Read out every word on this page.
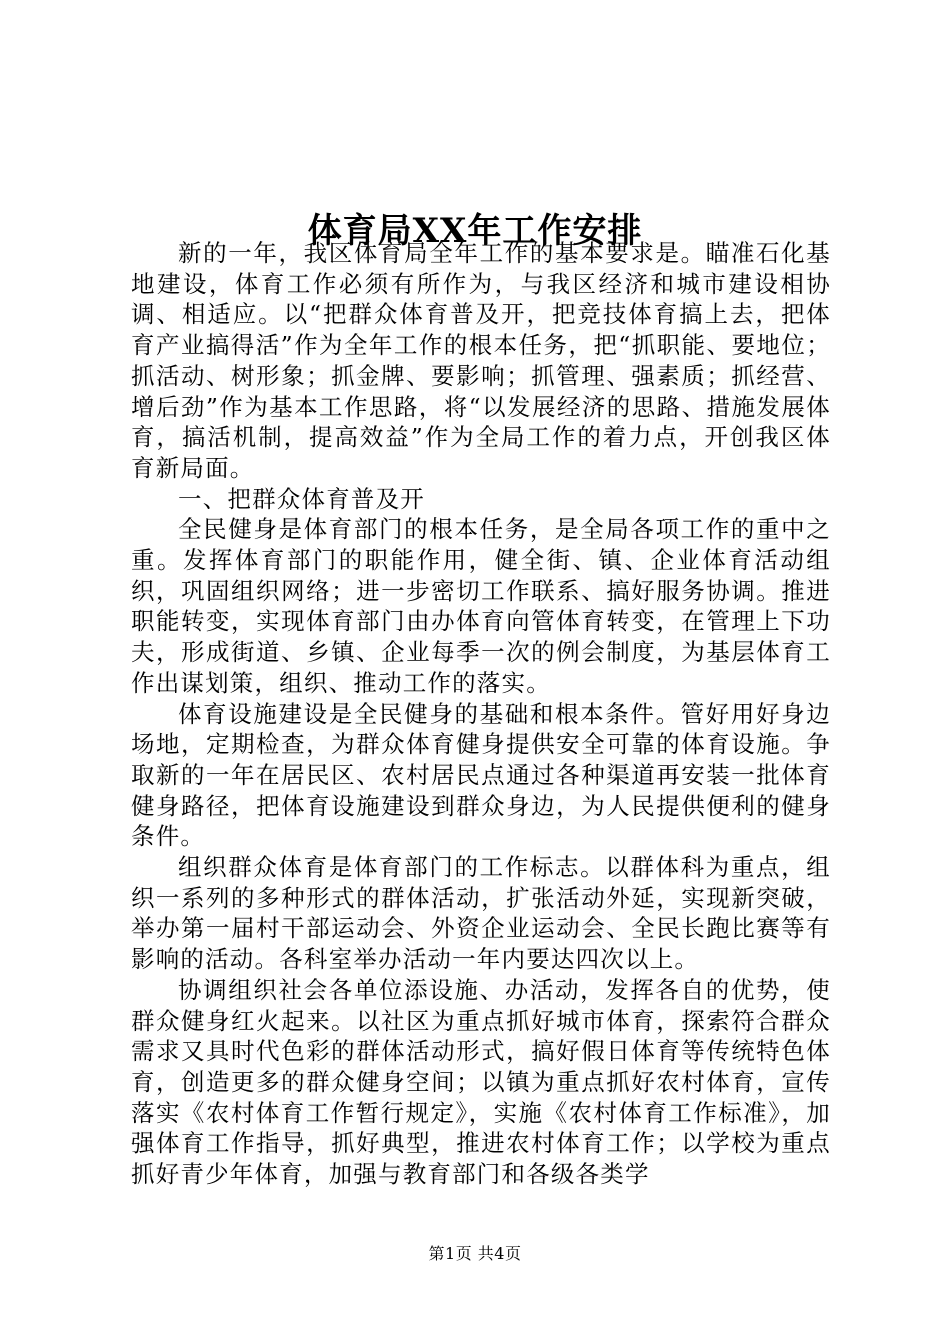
体育局XX年工作安排

新的一年，我区体育局全年工作的基本要求是。瞄准石化基地建设，体育工作必须有所作为，与我区经济和城市建设相协调、相适应。以“把群众体育普及开，把竞技体育搞上去，把体育产业搞得活”作为全年工作的根本任务，把“抓职能、要地位；抓活动、树形象；抓金牌、要影响；抓管理、强素质；抓经营、增后劲”作为基本工作思路，将“以发展经济的思路、措施发展体育，搞活机制，提高效益”作为全局工作的着力点，开创我区体育新局面。

一、把群众体育普及开

全民健身是体育部门的根本任务，是全局各项工作的重中之重。发挥体育部门的职能作用，健全街、镇、企业体育活动组织，巩固组织网络；进一步密切工作联系、搞好服务协调。推进职能转变，实现体育部门由办体育向管体育转变，在管理上下功夫，形成街道、乡镇、企业每季一次的例会制度，为基层体育工作出谋划策，组织、推动工作的落实。

体育设施建设是全民健身的基础和根本条件。管好用好身边场地，定期检查，为群众体育健身提供安全可靠的体育设施。争取新的一年在居民区、农村居民点通过各种渠道再安装一批体育健身路径，把体育设施建设到群众身边，为人民提供便利的健身条件。

组织群众体育是体育部门的工作标志。以群体科为重点，组织一系列的多种形式的群体活动，扩张活动外延，实现新突破，举办第一届村干部运动会、外资企业运动会、全民长跑比赛等有影响的活动。各科室举办活动一年内要达四次以上。

协调组织社会各单位添设施、办活动，发挥各自的优势，使群众健身红火起来。以社区为重点抓好城市体育，探索符合群众需求又具时代色彩的群体活动形式，搞好假日体育等传统特色体育，创造更多的群众健身空间；以镇为重点抓好农村体育，宣传落实《农村体育工作暂行规定》，实施《农村体育工作标准》，加强体育工作指导，抓好典型，推进农村体育工作；以学校为重点抓好青少年体育，加强与教育部门和各级各类学

第1页 共4页
